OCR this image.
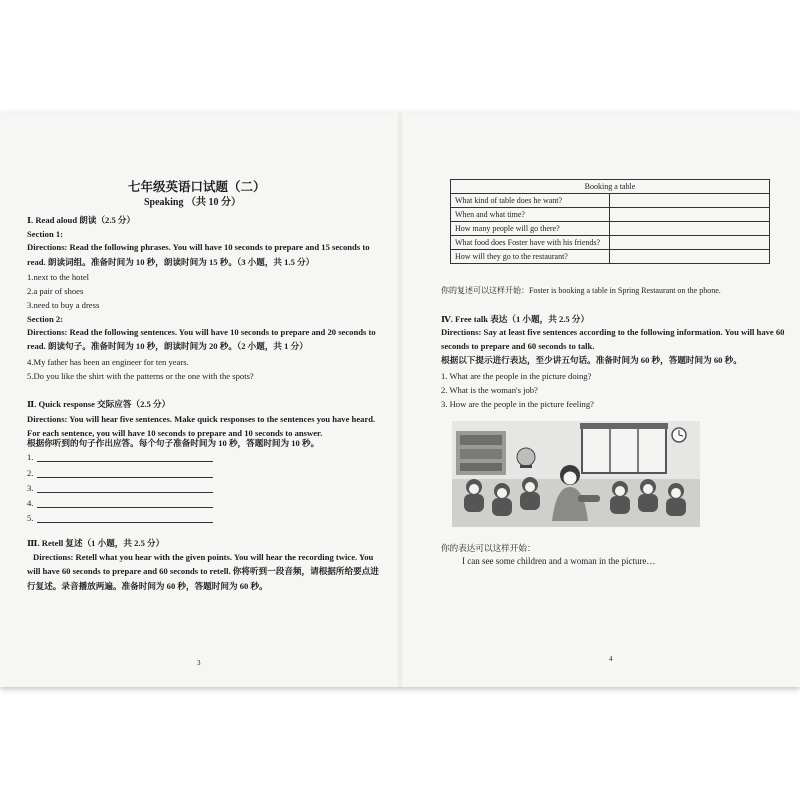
七年级英语口试题（二）
Speaking （共 10 分）
Ⅰ. Read aloud 朗读（2.5 分）
Section 1:
Directions: Read the following phrases. You will have 10 seconds to prepare and 15 seconds to
read. 朗读词组。准备时间为 10 秒，朗读时间为 15 秒。（3 小题，共 1.5 分）
1.next to the hotel
2.a pair of shoes
3.need to buy a dress
Section 2:
Directions: Read the following sentences. You will have 10 seconds to prepare and 20 seconds to
read. 朗读句子。准备时间为 10 秒，朗读时间为 20 秒。（2 小题，共 1 分）
4.My father has been an engineer for ten years.
5.Do you like the shirt with the patterns or the one with the spots?
Ⅱ. Quick response 交际应答（2.5 分）
Directions: You will hear five sentences. Make quick responses to the sentences you have heard.
For each sentence, you will have 10 seconds to prepare and 10 seconds to answer.
根据你听到的句子作出应答。每个句子准备时间为 10 秒，答题时间为 10 秒。
1.
2.
3.
4.
5.
Ⅲ. Retell 复述（1 小题，共 2.5 分）
Directions: Retell what you hear with the given points. You will hear the recording twice. You
will have 60 seconds to prepare and 60 seconds to retell. 你将听到一段音频，请根据所给要点进
行复述。录音播放两遍。准备时间为 60 秒，答题时间为 60 秒。
3
Booking a table	
What kind of table does he want?	
When and what time?	
How many people will go there?	
What food does Foster have with his friends?	
How will they go to the restaurant?	
你的复述可以这样开始：Foster is booking a table in Spring Restaurant on the phone.
Ⅳ. Free talk 表达（1 小题，共 2.5 分）
Directions: Say at least five sentences according to the following information. You will have 60
seconds to prepare and 60 seconds to talk.
根据以下提示进行表达，至少讲五句话。准备时间为 60 秒，答题时间为 60 秒。
1. What are the people in the picture doing?
2. What is the woman's job?
3. How are the people in the picture feeling?
你的表达可以这样开始：
I can see some children and a woman in the picture…
4
